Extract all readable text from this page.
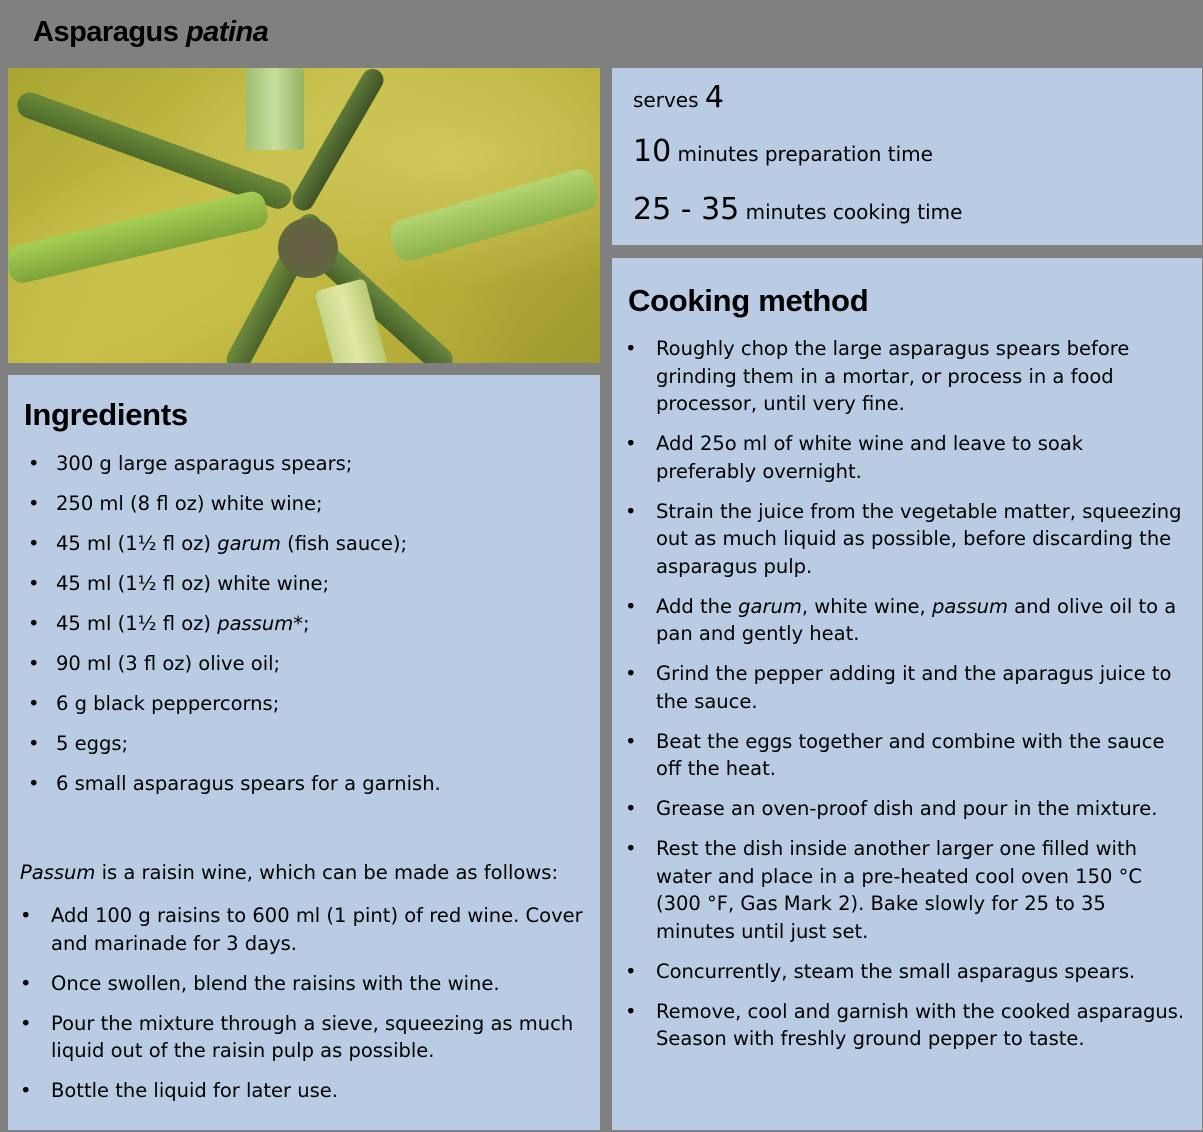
Asparagus patina
serves 4
10 minutes preparation time
25 - 35 minutes cooking time
Ingredients
• 300 g large asparagus spears;
• 250 ml (8 fl oz) white wine;
• 45 ml (1½ fl oz) garum (fish sauce);
• 45 ml (1½ fl oz) white wine;
• 45 ml (1½ fl oz) passum*;
• 90 ml (3 fl oz) olive oil;
• 6 g black peppercorns;
• 5 eggs;
• 6 small asparagus spears for a garnish.
Passum is a raisin wine, which can be made as follows:
• Add 100 g raisins to 600 ml (1 pint) of red wine. Cover and marinade for 3 days.
• Once swollen, blend the raisins with the wine.
• Pour the mixture through a sieve, squeezing as much liquid out of the raisin pulp as possible.
• Bottle the liquid for later use.
Cooking method
• Roughly chop the large asparagus spears before grinding them in a mortar, or process in a food processor, until very fine.
• Add 25o ml of white wine and leave to soak preferably overnight.
• Strain the juice from the vegetable matter, squeezing out as much liquid as possible, before discarding the asparagus pulp.
• Add the garum, white wine, passum and olive oil to a pan and gently heat.
• Grind the pepper adding it and the aparagus juice to the sauce.
• Beat the eggs together and combine with the sauce off the heat.
• Grease an oven-proof dish and pour in the mixture.
• Rest the dish inside another larger one filled with water and place in a pre-heated cool oven 150 °C (300 °F, Gas Mark 2). Bake slowly for 25 to 35 minutes until just set.
• Concurrently, steam the small asparagus spears.
• Remove, cool and garnish with the cooked asparagus. Season with freshly ground pepper to taste.
